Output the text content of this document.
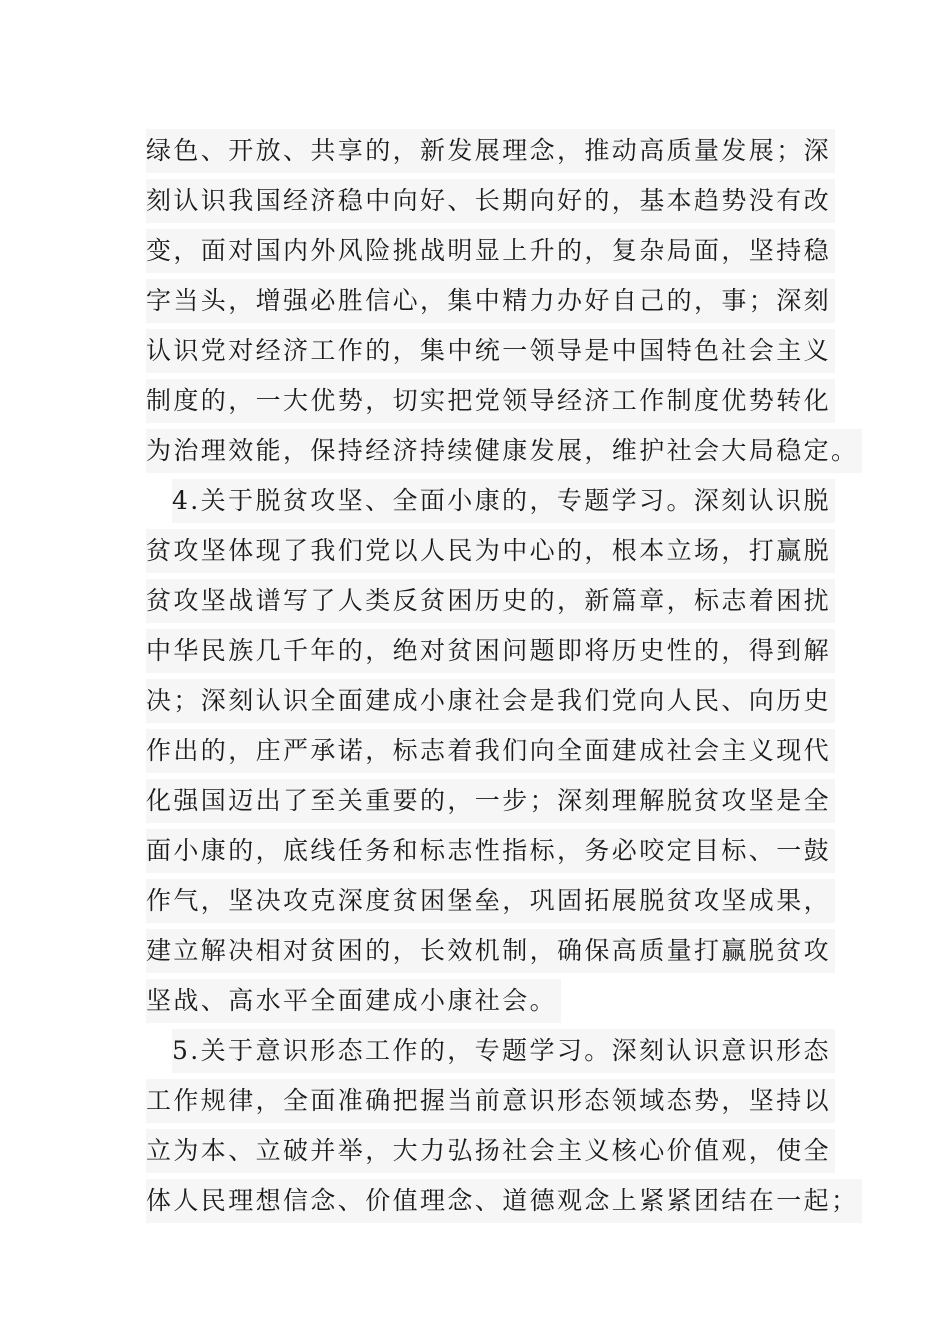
绿色、开放、共享的，新发展理念，推动高质量发展；深
刻认识我国经济稳中向好、长期向好的，基本趋势没有改
变，面对国内外风险挑战明显上升的，复杂局面，坚持稳
字当头，增强必胜信心，集中精力办好自己的，事；深刻
认识党对经济工作的，集中统一领导是中国特色社会主义
制度的，一大优势，切实把党领导经济工作制度优势转化
为治理效能，保持经济持续健康发展，维护社会大局稳定。
4.关于脱贫攻坚、全面小康的，专题学习。深刻认识脱
贫攻坚体现了我们党以人民为中心的，根本立场，打赢脱
贫攻坚战谱写了人类反贫困历史的，新篇章，标志着困扰
中华民族几千年的，绝对贫困问题即将历史性的，得到解
决；深刻认识全面建成小康社会是我们党向人民、向历史
作出的，庄严承诺，标志着我们向全面建成社会主义现代
化强国迈出了至关重要的，一步；深刻理解脱贫攻坚是全
面小康的，底线任务和标志性指标，务必咬定目标、一鼓
作气，坚决攻克深度贫困堡垒，巩固拓展脱贫攻坚成果，
建立解决相对贫困的，长效机制，确保高质量打赢脱贫攻
坚战、高水平全面建成小康社会。
5.关于意识形态工作的，专题学习。深刻认识意识形态
工作规律，全面准确把握当前意识形态领域态势，坚持以
立为本、立破并举，大力弘扬社会主义核心价值观，使全
体人民理想信念、价值理念、道德观念上紧紧团结在一起；
